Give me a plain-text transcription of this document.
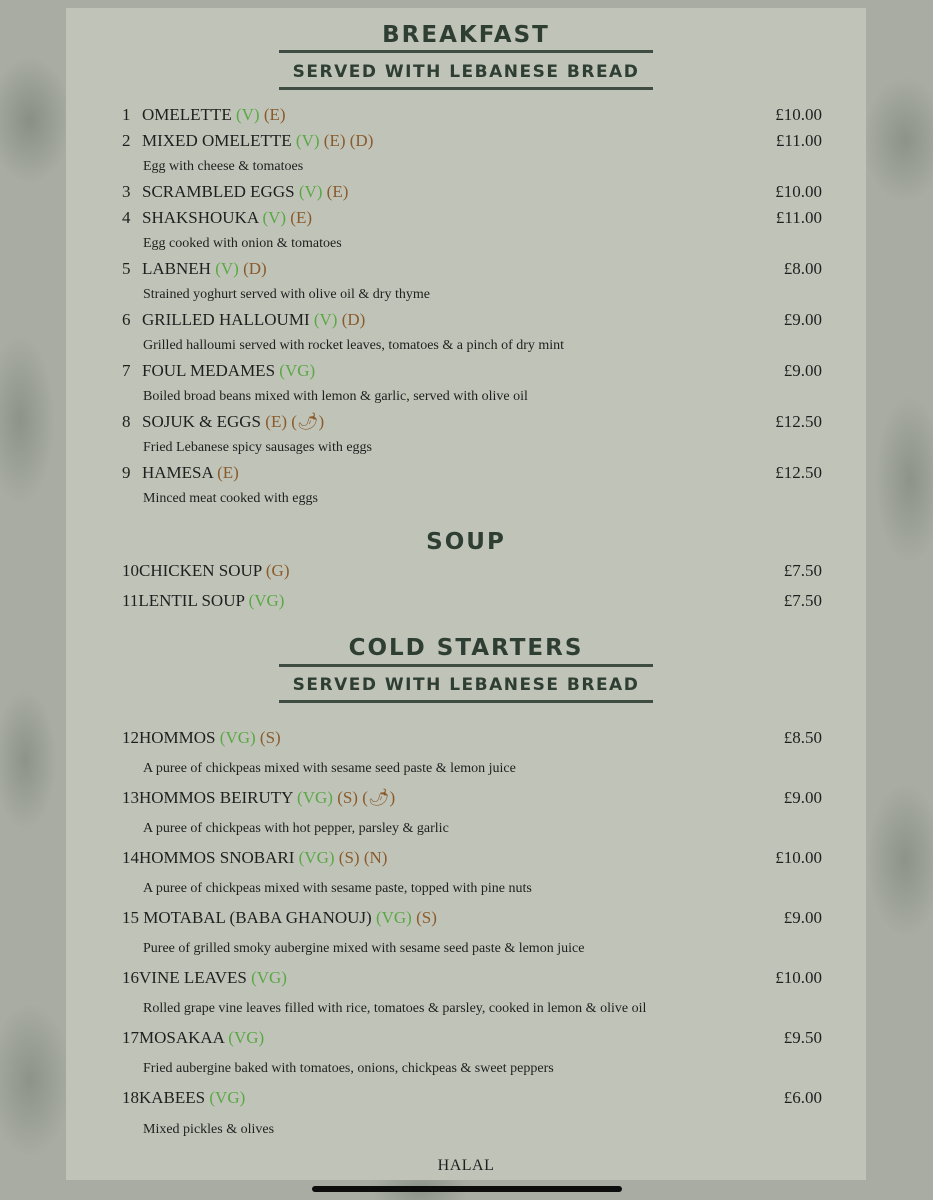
BREAKFAST
SERVED WITH LEBANESE BREAD
1 OMELETTE (V) (E)	£10.00
2 MIXED OMELETTE (V) (E) (D)	£11.00
Egg with cheese & tomatoes
3 SCRAMBLED EGGS (V) (E)	£10.00
4 SHAKSHOUKA (V) (E)	£11.00
Egg cooked with onion & tomatoes
5 LABNEH (V) (D)	£8.00
Strained yoghurt served with olive oil & dry thyme
6 GRILLED HALLOUMI (V) (D)	£9.00
Grilled halloumi served with rocket leaves, tomatoes & a pinch of dry mint
7 FOUL MEDAMES (VG)	£9.00
Boiled broad beans mixed with lemon & garlic, served with olive oil
8 SOJUK & EGGS (E) (🌶)	£12.50
Fried Lebanese spicy sausages with eggs
9 HAMESA (E)	£12.50
Minced meat cooked with eggs
SOUP
10CHICKEN SOUP (G)	£7.50
11LENTIL SOUP (VG)	£7.50
COLD STARTERS
SERVED WITH LEBANESE BREAD
12HOMMOS (VG) (S)	£8.50
A puree of chickpeas mixed with sesame seed paste & lemon juice
13HOMMOS BEIRUTY (VG) (S) (🌶)	£9.00
A puree of chickpeas with hot pepper, parsley & garlic
14HOMMOS SNOBARI (VG) (S) (N)	£10.00
A puree of chickpeas mixed with sesame paste, topped with pine nuts
15 MOTABAL (BABA GHANOUJ) (VG) (S)	£9.00
Puree of grilled smoky aubergine mixed with sesame seed paste & lemon juice
16VINE LEAVES (VG)	£10.00
Rolled grape vine leaves filled with rice, tomatoes & parsley, cooked in lemon & olive oil
17MOSAKAA (VG)	£9.50
Fried aubergine baked with tomatoes, onions, chickpeas & sweet peppers
18KABEES (VG)	£6.00
Mixed pickles & olives
HALAL
